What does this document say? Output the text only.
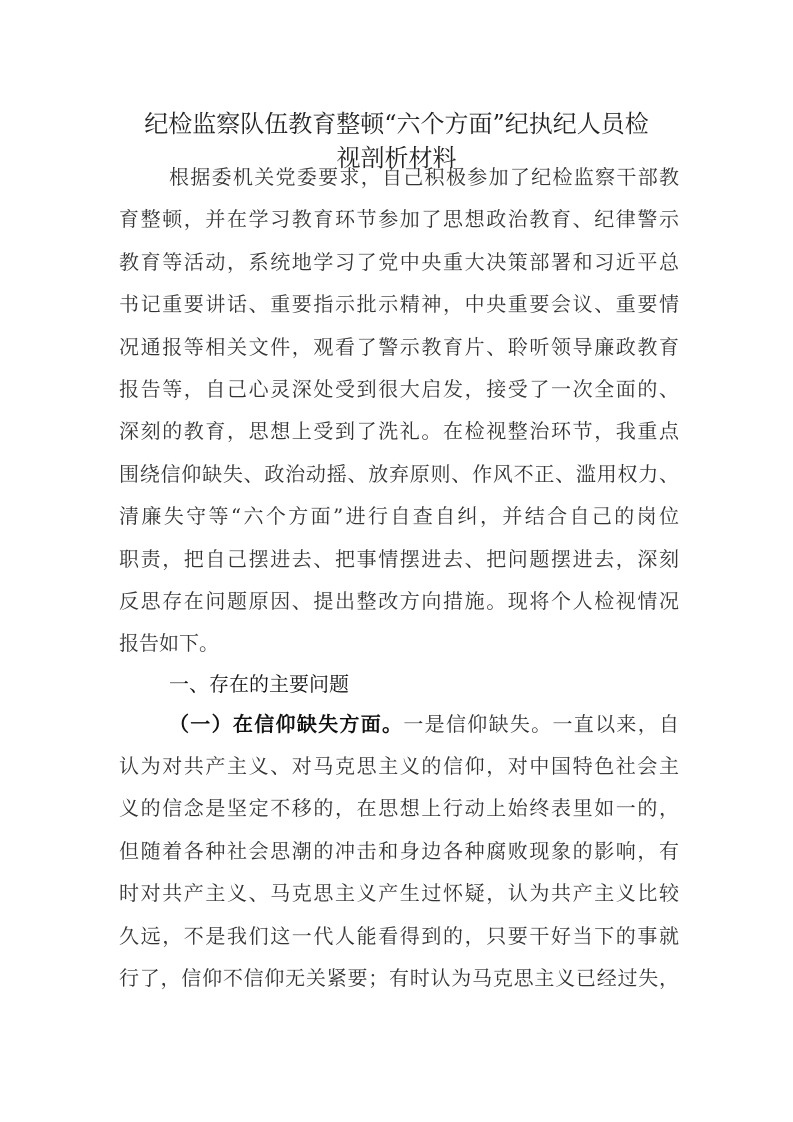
纪检监察队伍教育整顿“六个方面”纪执纪人员检
视剖析材料
根据委机关党委要求，自己积极参加了纪检监察干部教
育整顿，并在学习教育环节参加了思想政治教育、纪律警示
教育等活动，系统地学习了党中央重大决策部署和习近平总
书记重要讲话、重要指示批示精神，中央重要会议、重要情
况通报等相关文件，观看了警示教育片、聆听领导廉政教育
报告等，自己心灵深处受到很大启发，接受了一次全面的、
深刻的教育，思想上受到了洗礼。在检视整治环节，我重点
围绕信仰缺失、政治动摇、放弃原则、作风不正、滥用权力、
清廉失守等“六个方面”进行自查自纠，并结合自己的岗位
职责，把自己摆进去、把事情摆进去、把问题摆进去，深刻
反思存在问题原因、提出整改方向措施。现将个人检视情况
报告如下。
一、存在的主要问题
（一）在信仰缺失方面。一是信仰缺失。一直以来，自
认为对共产主义、对马克思主义的信仰，对中国特色社会主
义的信念是坚定不移的，在思想上行动上始终表里如一的，
但随着各种社会思潮的冲击和身边各种腐败现象的影响，有
时对共产主义、马克思主义产生过怀疑，认为共产主义比较
久远，不是我们这一代人能看得到的，只要干好当下的事就
行了，信仰不信仰无关紧要；有时认为马克思主义已经过失，
